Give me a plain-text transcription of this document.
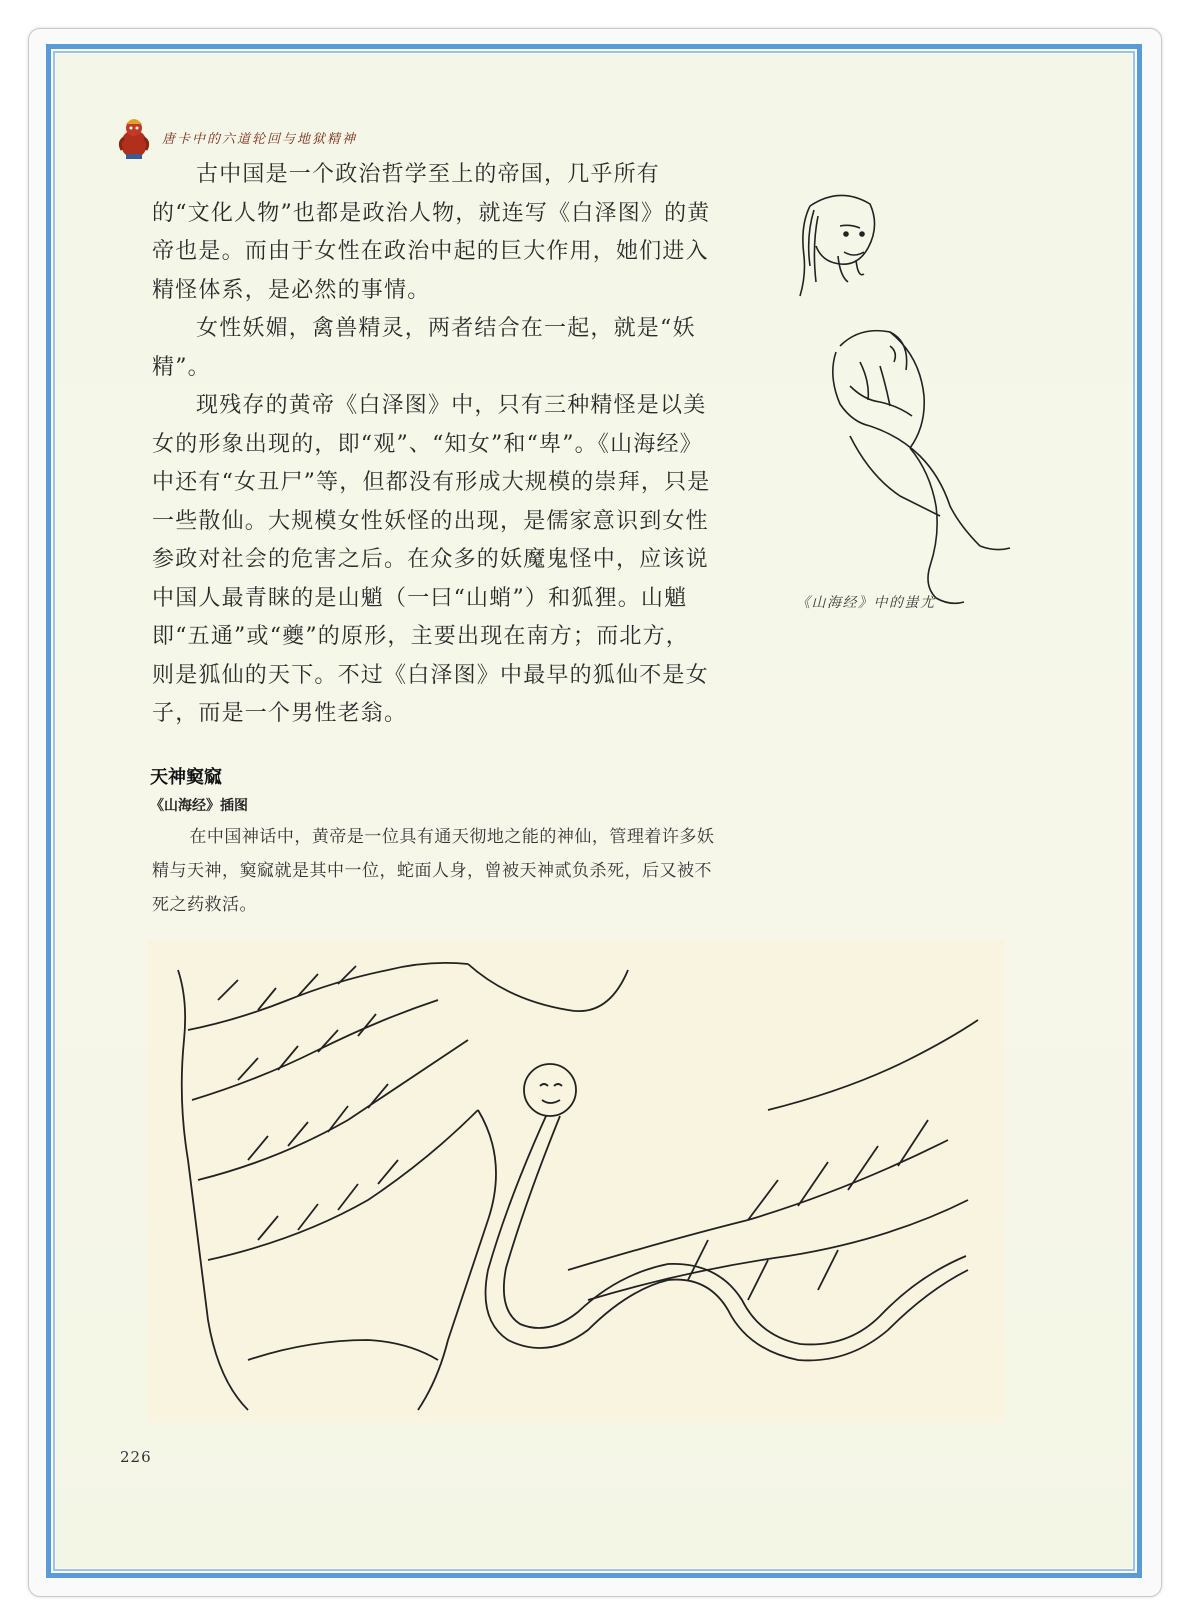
唐卡中的六道轮回与地狱精神

古中国是一个政治哲学至上的帝国，几乎所有的“文化人物”也都是政治人物，就连写《白泽图》的黄帝也是。而由于女性在政治中起的巨大作用，她们进入精怪体系，是必然的事情。

女性妖媚，禽兽精灵，两者结合在一起，就是“妖精”。

现残存的黄帝《白泽图》中，只有三种精怪是以美女的形象出现的，即“观”、“知女”和“卑”。《山海经》中还有“女丑尸”等，但都没有形成大规模的崇拜，只是一些散仙。大规模女性妖怪的出现，是儒家意识到女性参政对社会的危害之后。在众多的妖魔鬼怪中，应该说中国人最青睐的是山魈（一曰“山蛸”）和狐狸。山魈即“五通”或“夔”的原形，主要出现在南方；而北方，则是狐仙的天下。不过《白泽图》中最早的狐仙不是女子，而是一个男性老翁。

《山海经》中的蚩尤
天神窫窳
《山海经》插图

在中国神话中，黄帝是一位具有通天彻地之能的神仙，管理着许多妖精与天神，窫窳就是其中一位，蛇面人身，曾被天神贰负杀死，后又被不死之药救活。

226
